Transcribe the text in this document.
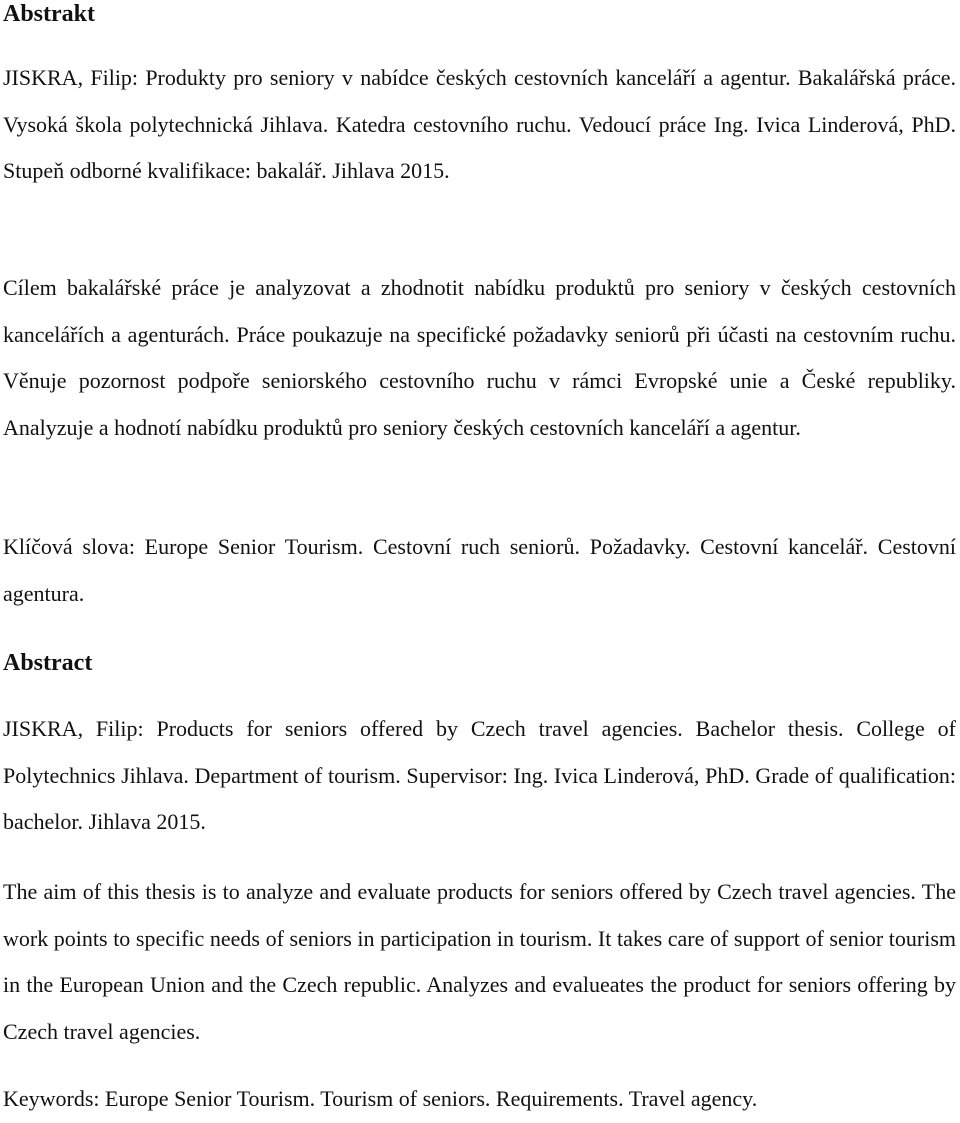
Abstrakt

JISKRA, Filip: Produkty pro seniory v nabídce českých cestovních kanceláří a agentur. Bakalářská práce. Vysoká škola polytechnická Jihlava. Katedra cestovního ruchu. Vedoucí práce Ing. Ivica Linderová, PhD. Stupeň odborné kvalifikace: bakalář. Jihlava 2015.

Cílem bakalářské práce je analyzovat a zhodnotit nabídku produktů pro seniory v českých cestovních kancelářích a agenturách. Práce poukazuje na specifické požadavky seniorů při účasti na cestovním ruchu. Věnuje pozornost podpoře seniorského cestovního ruchu v rámci Evropské unie a České republiky. Analyzuje a hodnotí nabídku produktů pro seniory českých cestovních kanceláří a agentur.

Klíčová slova: Europe Senior Tourism. Cestovní ruch seniorů. Požadavky. Cestovní kancelář. Cestovní agentura.

Abstract

JISKRA, Filip: Products for seniors offered by Czech travel agencies. Bachelor thesis. College of Polytechnics Jihlava. Department of tourism. Supervisor: Ing. Ivica Linderová, PhD. Grade of qualification: bachelor. Jihlava 2015.

The aim of this thesis is to analyze and evaluate products for seniors offered by Czech travel agencies. The work points to specific needs of seniors in participation in tourism. It takes care of support of senior tourism in the European Union and the Czech republic. Analyzes and evalueates the product for seniors offering by Czech travel agencies.

Keywords: Europe Senior Tourism. Tourism of seniors. Requirements. Travel agency.
